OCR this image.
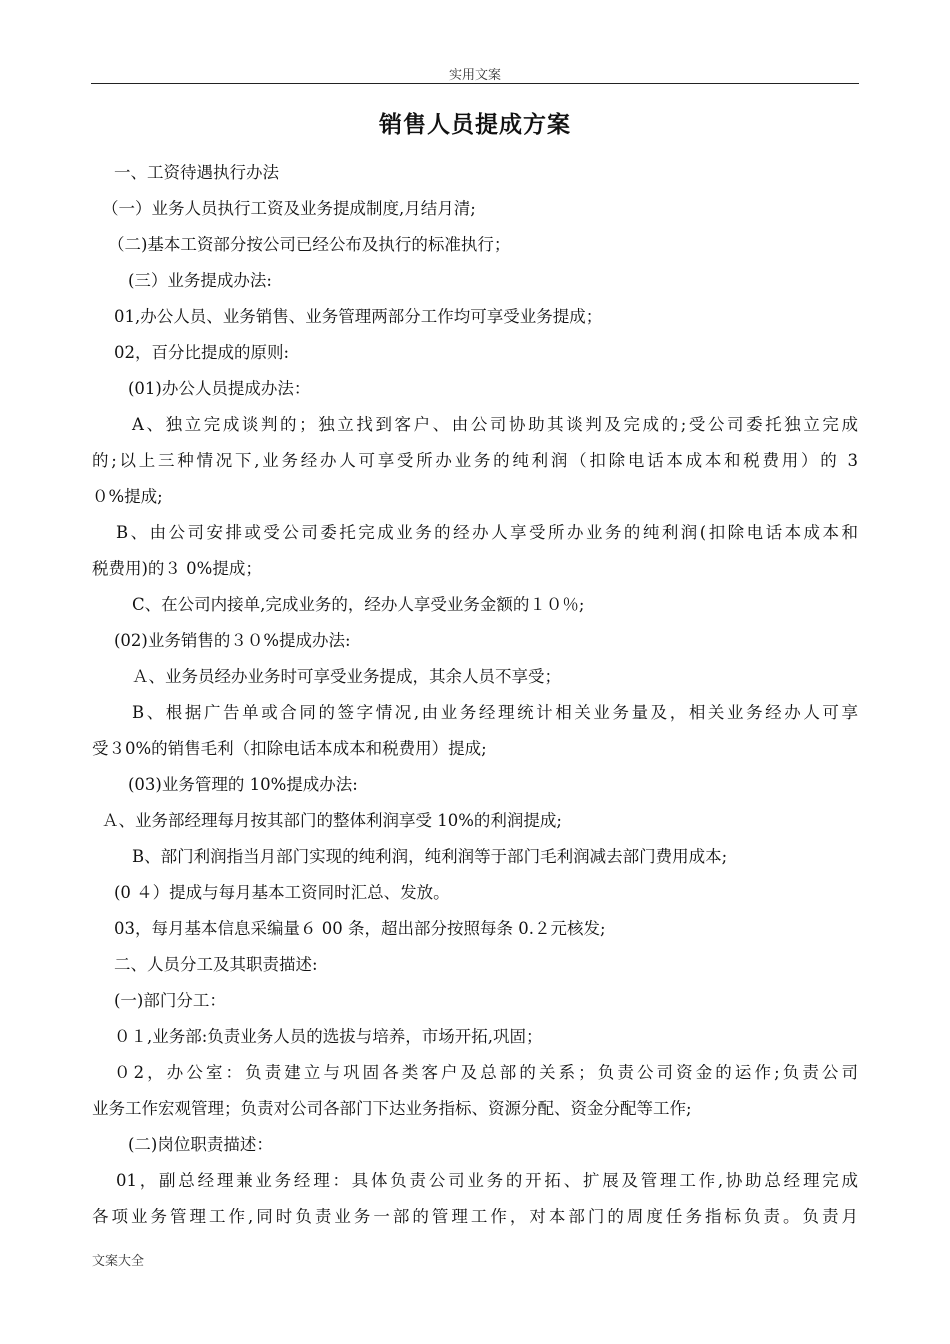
实用文案
销售人员提成方案
一、工资待遇执行办法
（一）业务人员执行工资及业务提成制度,月结月清;
（二)基本工资部分按公司已经公布及执行的标准执行；
(三）业务提成办法:
01,办公人员、业务销售、业务管理两部分工作均可享受业务提成；
02，百分比提成的原则:
(01)办公人员提成办法：
A、独立完成谈判的；独立找到客户、由公司协助其谈判及完成的;受公司委托独立完成
的;以上三种情况下,业务经办人可享受所办业务的纯利润（扣除电话本成本和税费用）的 3
０%提成;
B、由公司安排或受公司委托完成业务的经办人享受所办业务的纯利润(扣除电话本成本和
税费用)的３ 0%提成；
C、在公司内接单,完成业务的，经办人享受业务金额的１０％;
(02)业务销售的３０%提成办法:
Ａ、业务员经办业务时可享受业务提成，其余人员不享受；
B、根据广告单或合同的签字情况,由业务经理统计相关业务量及，相关业务经办人可享
受３0%的销售毛利（扣除电话本成本和税费用）提成;
(03)业务管理的 10%提成办法:
Ａ、业务部经理每月按其部门的整体利润享受 10%的利润提成;
B、部门利润指当月部门实现的纯利润，纯利润等于部门毛利润减去部门费用成本;
(0 ４）提成与每月基本工资同时汇总、发放。
03，每月基本信息采编量６ 00 条，超出部分按照每条 0.２元核发;
二、人员分工及其职责描述:
(一)部门分工：
０１,业务部:负责业务人员的选拔与培养，市场开拓,巩固；
０2，办公室：负责建立与巩固各类客户及总部的关系；负责公司资金的运作;负责公司
业务工作宏观管理；负责对公司各部门下达业务指标、资源分配、资金分配等工作;
(二)岗位职责描述：
01，副总经理兼业务经理：具体负责公司业务的开拓、扩展及管理工作,协助总经理完成
各项业务管理工作,同时负责业务一部的管理工作，对本部门的周度任务指标负责。负责月
文案大全
